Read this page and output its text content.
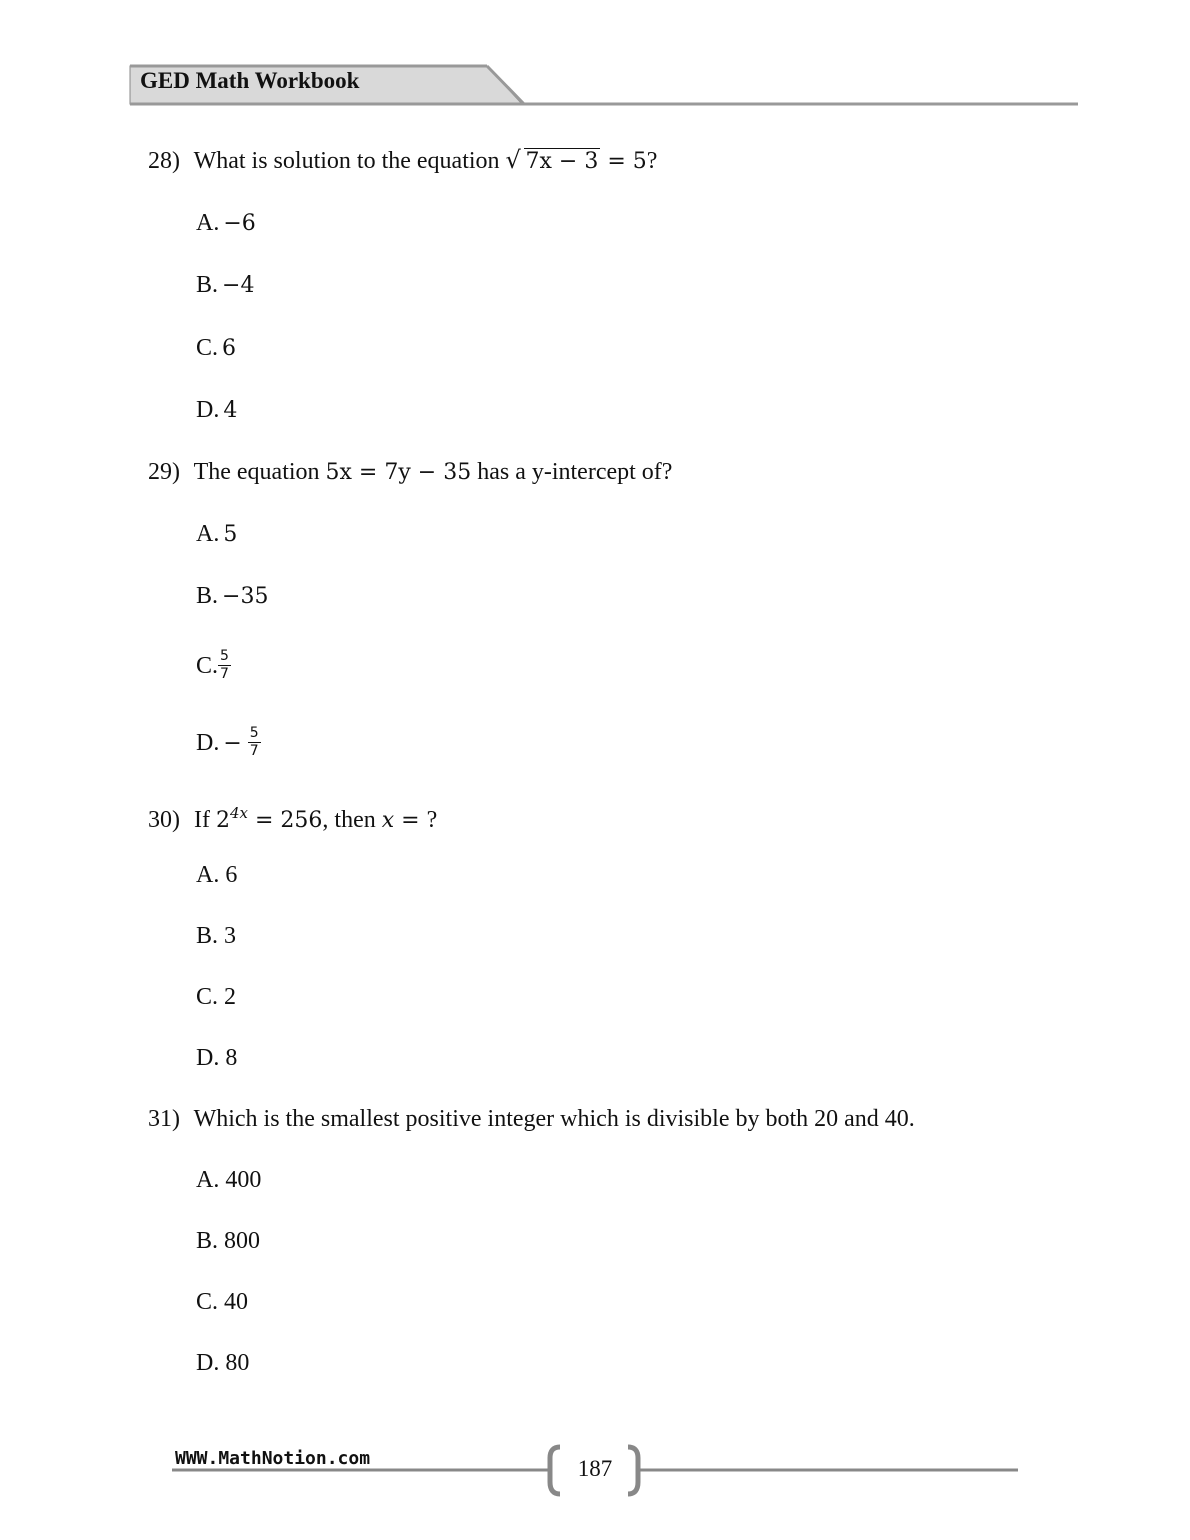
GED Math Workbook
28) What is solution to the equation √ 7x − 3 = 5?
A. −6
B. −4
C. 6
D. 4
29) The equation 5x = 7y − 35 has a y-intercept of?
A. 5
B. −35
C. $\frac{5}{7}$
D. − $\frac{5}{7}$
30) If $2^{4x} = 256$, then x = ?
A. 6
B. 3
C. 2
D. 8
31) Which is the smallest positive integer which is divisible by both 20 and 40.
A. 400
B. 800
C. 40
D. 80
WWW.MathNotion.com	187
